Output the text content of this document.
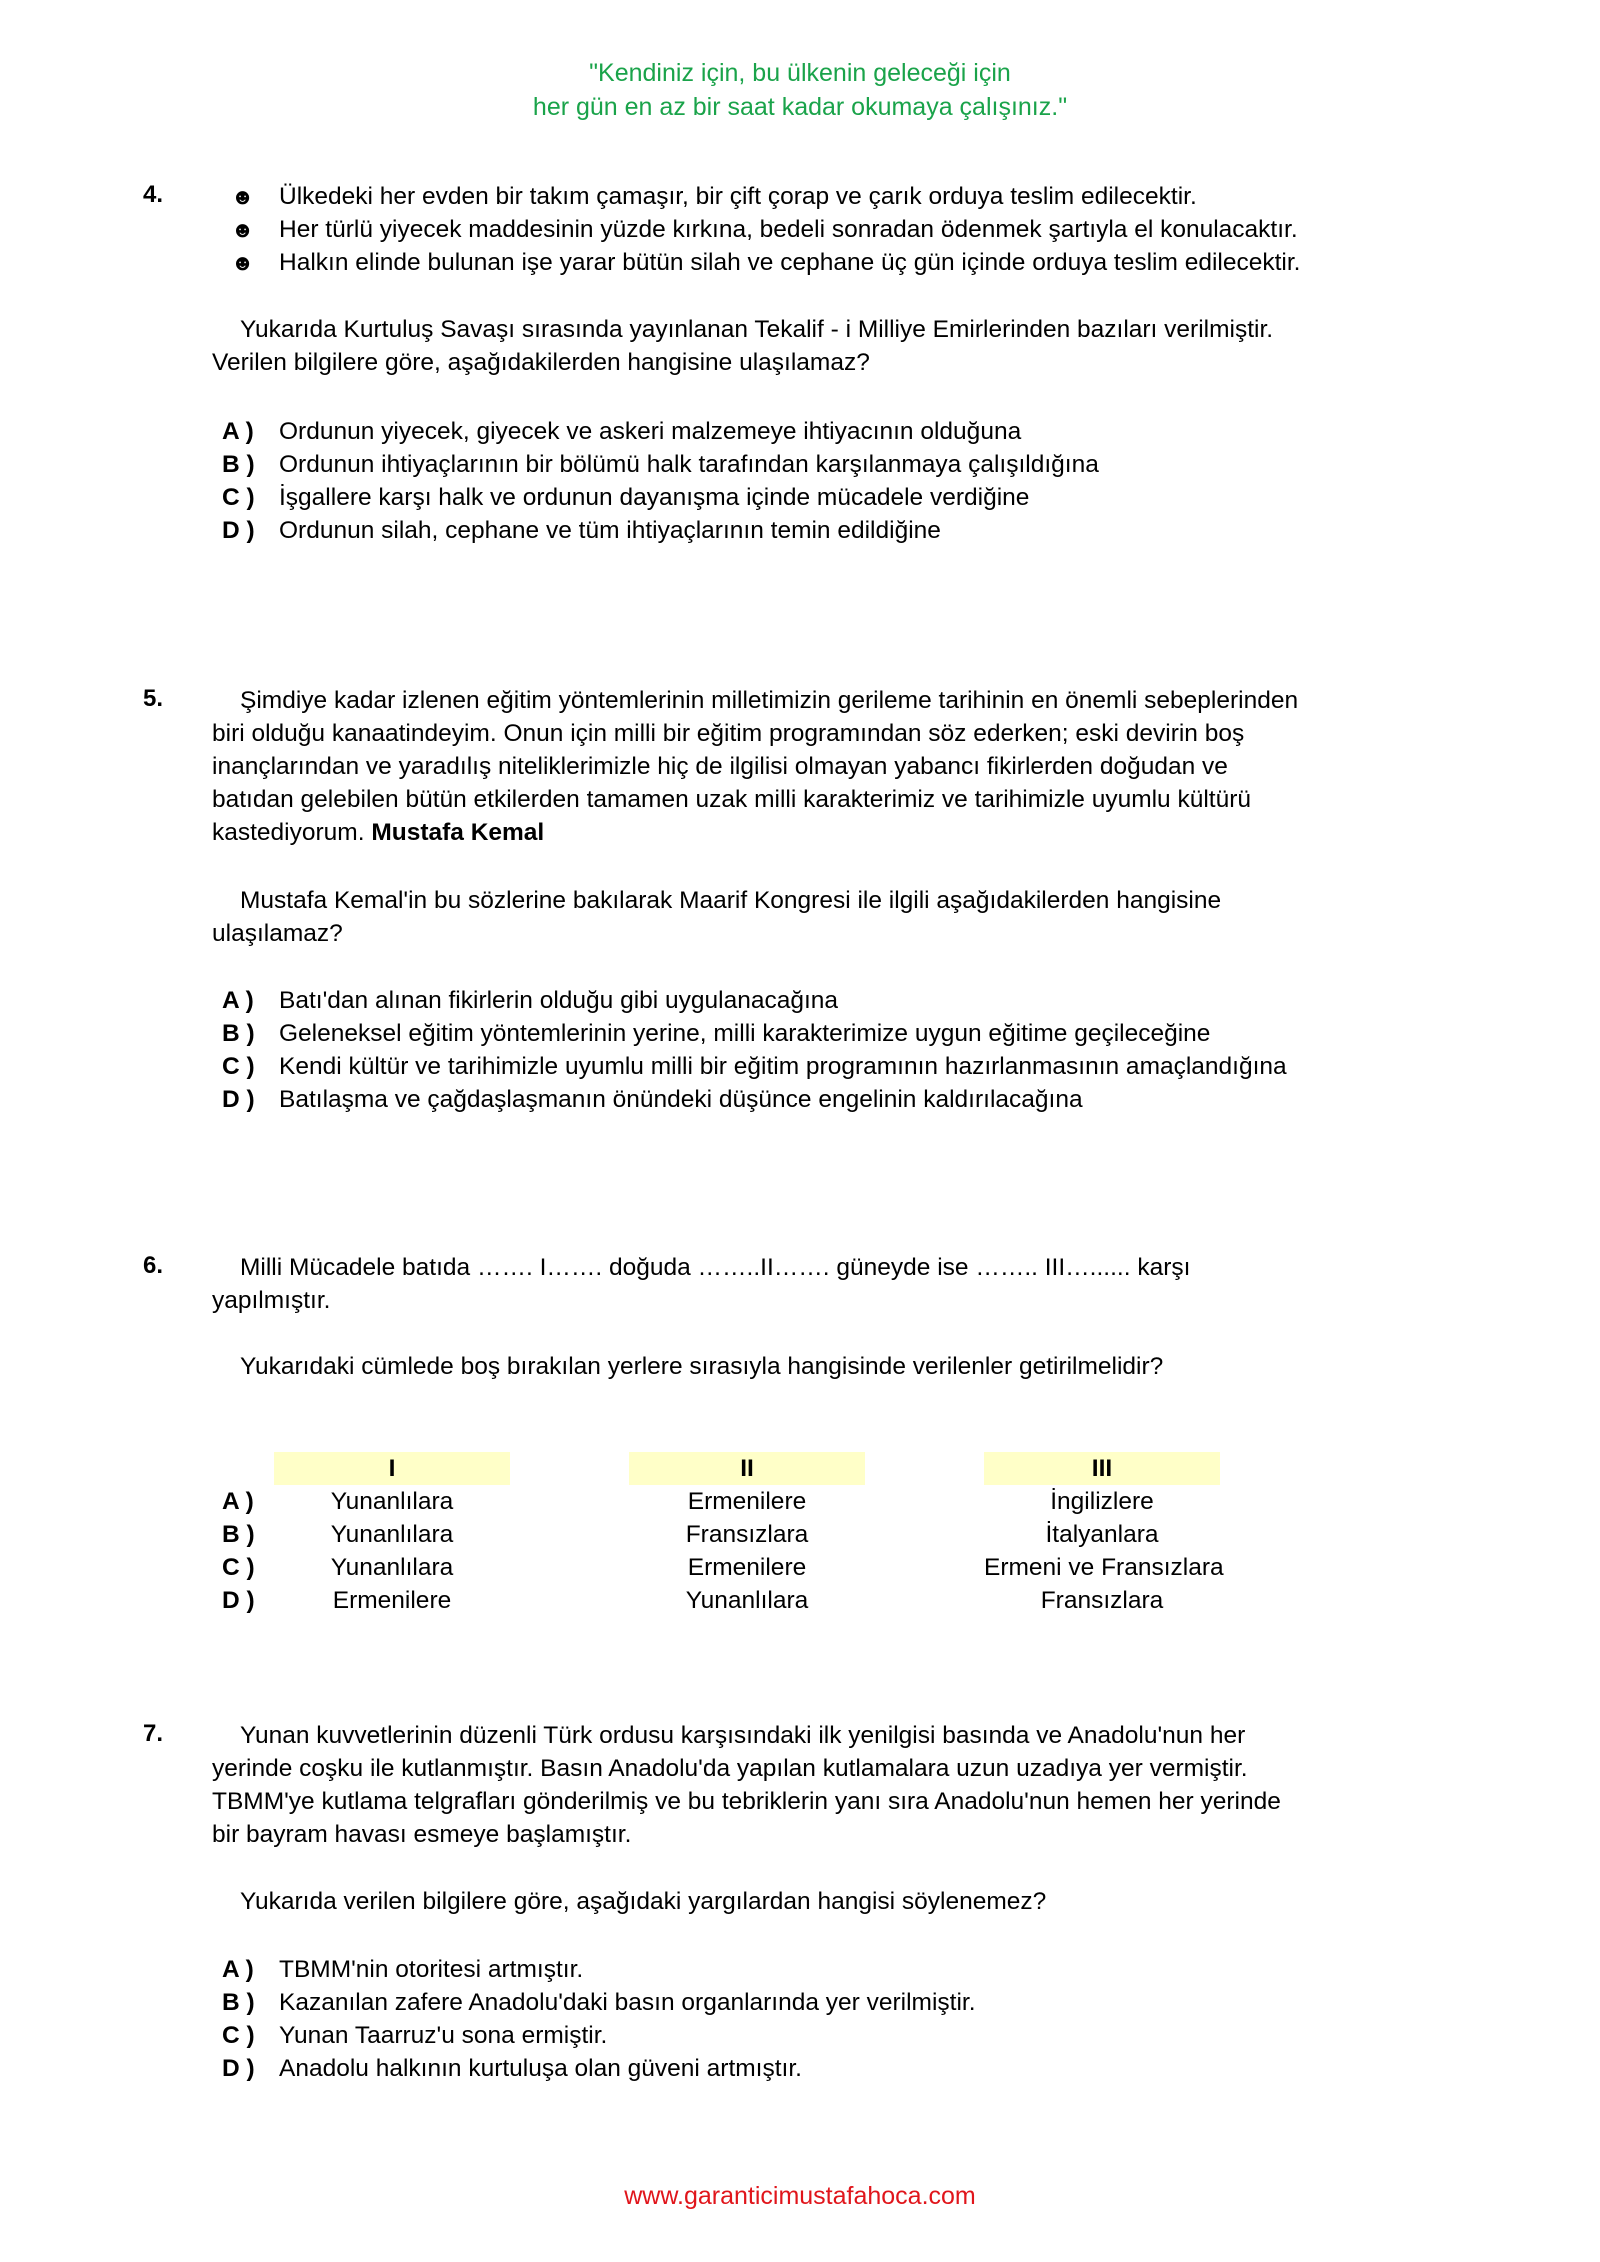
"Kendiniz için, bu ülkenin geleceği için
her gün en az bir saat kadar okumaya çalışınız."
4.	☻ Ülkedeki her evden bir takım çamaşır, bir çift çorap ve çarık orduya teslim edilecektir.
☻ Her türlü yiyecek maddesinin yüzde kırkına, bedeli sonradan ödenmek şartıyla el konulacaktır.
☻ Halkın elinde bulunan işe yarar bütün silah ve cephane üç gün içinde orduya teslim edilecektir.
Yukarıda Kurtuluş Savaşı sırasında yayınlanan Tekalif - i Milliye Emirlerinden bazıları verilmiştir.
Verilen bilgilere göre, aşağıdakilerden hangisine ulaşılamaz?
A ) Ordunun yiyecek, giyecek ve askeri malzemeye ihtiyacının olduğuna
B ) Ordunun ihtiyaçlarının bir bölümü halk tarafından karşılanmaya çalışıldığına
C ) İşgallere karşı halk ve ordunun dayanışma içinde mücadele verdiğine
D ) Ordunun silah, cephane ve tüm ihtiyaçlarının temin edildiğine
5.	Şimdiye kadar izlenen eğitim yöntemlerinin milletimizin gerileme tarihinin en önemli sebeplerinden
biri olduğu kanaatindeyim. Onun için milli bir eğitim programından söz ederken; eski devirin boş
inançlarından ve yaradılış niteliklerimizle hiç de ilgilisi olmayan yabancı fikirlerden doğudan ve
batıdan gelebilen bütün etkilerden tamamen uzak milli karakterimiz ve tarihimizle uyumlu kültürü
kastediyorum. Mustafa Kemal
Mustafa Kemal'in bu sözlerine bakılarak Maarif Kongresi ile ilgili aşağıdakilerden hangisine
ulaşılamaz?
A ) Batı'dan alınan fikirlerin olduğu gibi uygulanacağına
B ) Geleneksel eğitim yöntemlerinin yerine, milli karakterimize uygun eğitime geçileceğine
C ) Kendi kültür ve tarihimizle uyumlu milli bir eğitim programının hazırlanmasının amaçlandığına
D ) Batılaşma ve çağdaşlaşmanın önündeki düşünce engelinin kaldırılacağına
6.	Milli Mücadele batıda ……. I……. doğuda ……..II……. güneyde ise …….. III…...... karşı
yapılmıştır.
Yukarıdaki cümlede boş bırakılan yerlere sırasıyla hangisinde verilenler getirilmelidir?
I	II	III
A )	Yunanlılara	Ermenilere	İngilizlere
B )	Yunanlılara	Fransızlara	İtalyanlara
C )	Yunanlılara	Ermenilere	Ermeni ve Fransızlara
D )	Ermenilere	Yunanlılara	Fransızlara
7.	Yunan kuvvetlerinin düzenli Türk ordusu karşısındaki ilk yenilgisi basında ve Anadolu'nun her
yerinde coşku ile kutlanmıştır. Basın Anadolu'da yapılan kutlamalara uzun uzadıya yer vermiştir.
TBMM'ye kutlama telgrafları gönderilmiş ve bu tebriklerin yanı sıra Anadolu'nun hemen her yerinde
bir bayram havası esmeye başlamıştır.
Yukarıda verilen bilgilere göre, aşağıdaki yargılardan hangisi söylenemez?
A ) TBMM'nin otoritesi artmıştır.
B ) Kazanılan zafere Anadolu'daki basın organlarında yer verilmiştir.
C ) Yunan Taarruz'u sona ermiştir.
D ) Anadolu halkının kurtuluşa olan güveni artmıştır.
www.garanticimustafahoca.com
